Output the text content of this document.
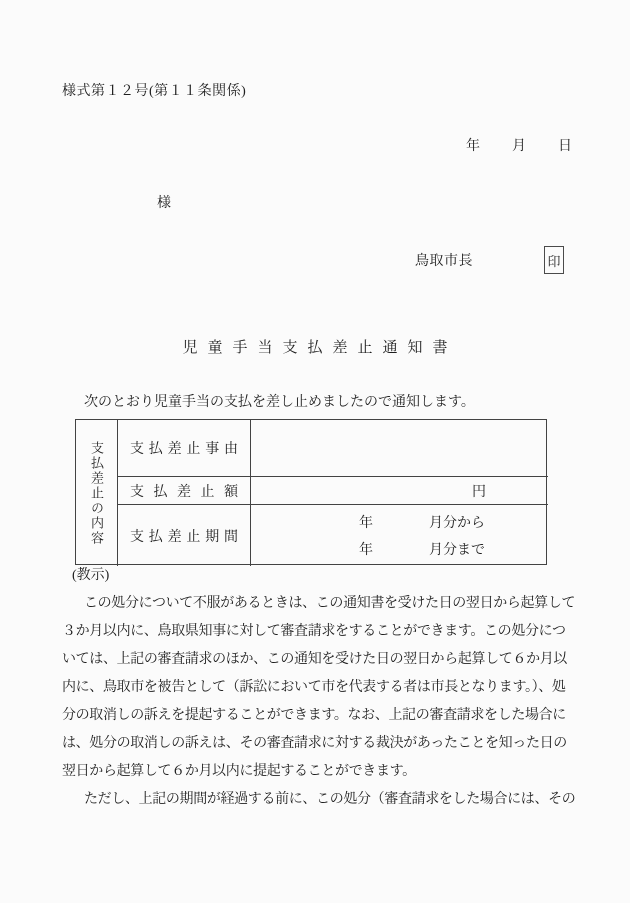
様式第１２号(第１１条関係)
年 月 日
様
鳥取市長	印
児童手当支払差止通知書
次のとおり児童手当の支払を差し止めましたので通知します。
支払差止の内容	支 払 差 止 事 由
支 払 差 止 額	円
支 払 差 止 期 間
年	月分から
年	月分まで
(教示)
この処分について不服があるときは、この通知書を受けた日の翌日から起算して
３か月以内に、鳥取県知事に対して審査請求をすることができます。この処分につ
いては、上記の審査請求のほか、この通知を受けた日の翌日から起算して６か月以
内に、鳥取市を被告として（訴訟において市を代表する者は市長となります。）、処
分の取消しの訴えを提起することができます。なお、上記の審査請求をした場合に
は、処分の取消しの訴えは、その審査請求に対する裁決があったことを知った日の
翌日から起算して６か月以内に提起することができます。
ただし、上記の期間が経過する前に、この処分（審査請求をした場合には、その
